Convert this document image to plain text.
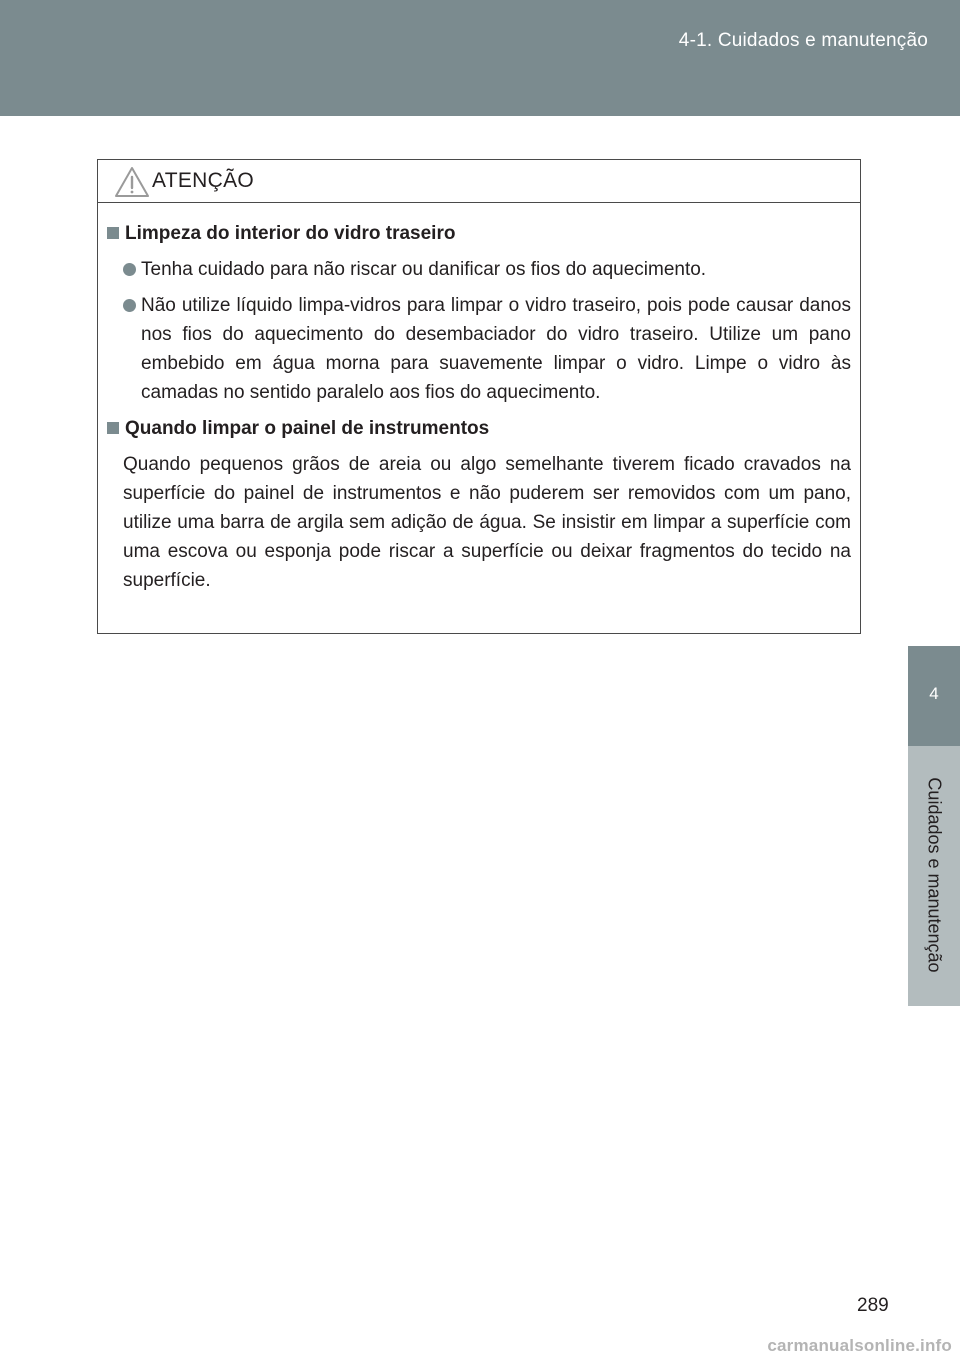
4-1. Cuidados e manutenção
4
Cuidados e manutenção
ATENÇÃO
Limpeza do interior do vidro traseiro
Tenha cuidado para não riscar ou danificar os fios do aquecimento.
Não utilize líquido limpa-vidros para limpar o vidro traseiro, pois pode causar danos nos fios do aquecimento do desembaciador do vidro traseiro. Utilize um pano embebido em água morna para suavemente limpar o vidro. Limpe o vidro às camadas no sentido paralelo aos fios do aquecimento.
Quando limpar o painel de instrumentos
Quando pequenos grãos de areia ou algo semelhante tiverem ficado cravados na superfície do painel de instrumentos e não puderem ser removidos com um pano, utilize uma barra de argila sem adição de água. Se insistir em limpar a superfície com uma escova ou esponja pode riscar a superfície ou deixar fragmentos do tecido na superfície.
289
carmanualsonline.info
